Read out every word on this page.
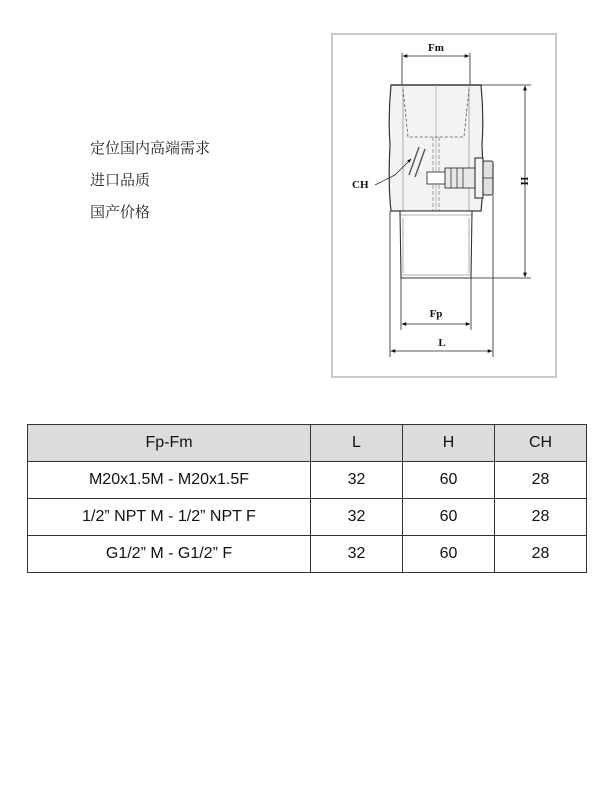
定位国内高端需求
进口品质
国产价格
Fm
CH	H
Fp
L
Fp-Fm	L	H	CH
M20x1.5M - M20x1.5F	32	60	28
1/2” NPT M - 1/2” NPT F	32	60	28
G1/2” M - G1/2” F	32	60	28
